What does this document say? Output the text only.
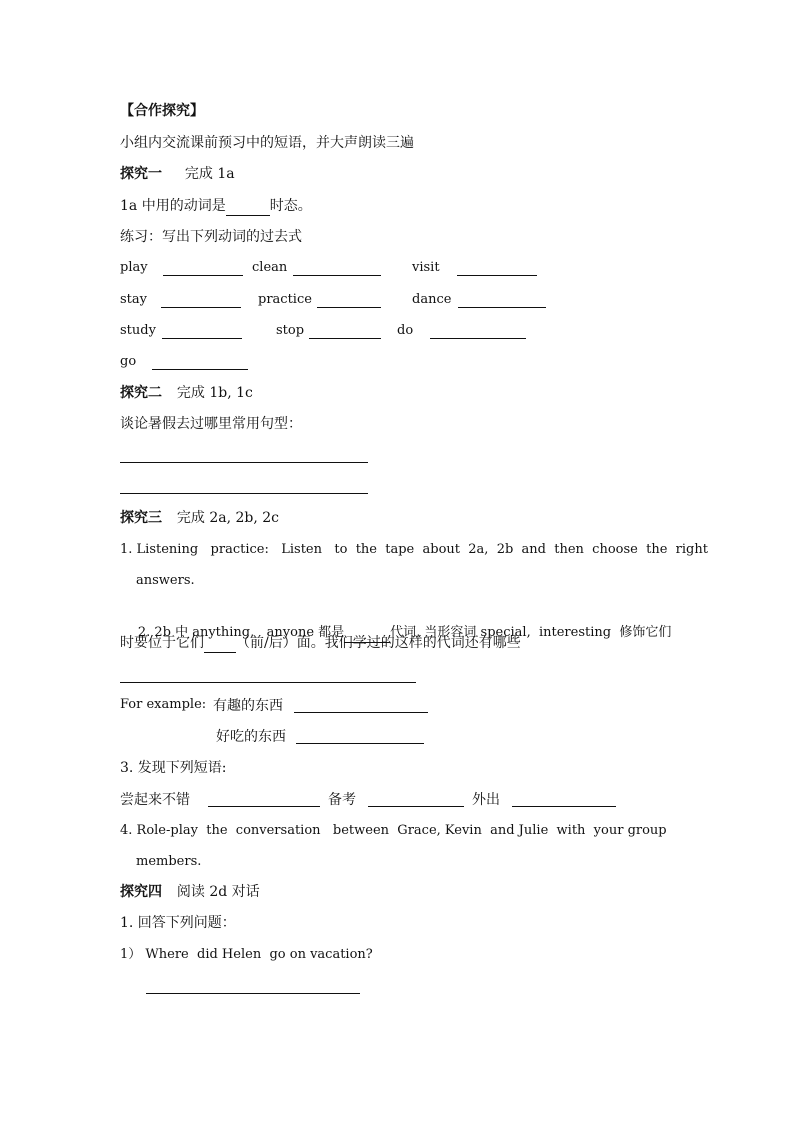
【合作探究】
小组内交流课前预习中的短语，并大声朗读三遍
探究一 完成 1a
1a 中用的动词是	时态。
练习：写出下列动词的过去式
play	clean	visit
stay	practice	dance
study	stop	do
go
探究二 完成 1b, 1c
谈论暑假去过哪里常用句型：
探究三 完成 2a, 2b, 2c
1. Listening   practice:   Listen   to  the  tape  about  2a,  2b  and  then  choose  the  right
answers.

2. 2b 中 anything,   anyone 都是	代词, 当形容词 special,  interesting  修饰它们

时要位于它们 （前/后）面。我们学过的这样的代词还有哪些
For example: 有趣的东西
好吃的东西
3. 发现下列短语:
尝起来不错	备考	外出
4. Role-play  the  conversation   between  Grace, Kevin  and Julie  with  your group
members.
探究四 阅读 2d 对话
1. 回答下列问题：
1） Where  did Helen  go on vacation?
